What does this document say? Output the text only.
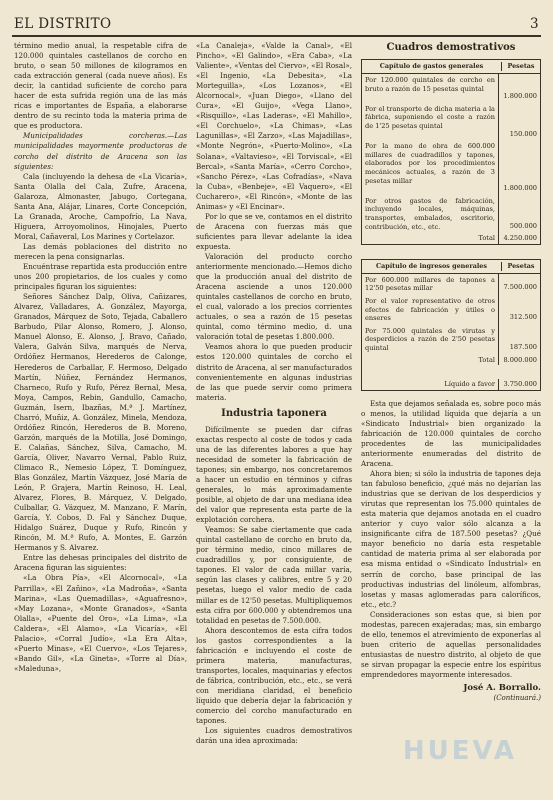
EL DISTRITO	3

término medio anual, la respetable cifra de 120.000 quintales castellanos de corcho en bruto, o sean 50 millones de kilogramos en cada extracción general (cada nueve años). Es decir, la cantidad suficiente de corcho para hacer de esta sufrida región una de las más ricas e importantes de España, a elaborarse dentro de su recinto toda la materia prima de que es productora.

Municipalidades corcheras.—Las municipalidades mayormente productoras de corcho del distrito de Aracena son las siguientes:

Cala (incluyendo la dehesa de «La Vicaría», Santa Olalla del Cala, Zufre, Aracena, Galaroza, Almonaster, Jabugo, Cortegana, Santa Ana, Alájar, Linares, Corte Concepción, La Granada, Aroche, Campofrío, La Nava, Higuera, Arroyomolinos, Hinojales, Puerto Moral, Cañaveral, Los Marines y Cortelazor.

Las demás poblaciones del distrito no merecen la pena consignarlas.

Encuéntrase repartida esta producción entre unos 200 propietarios, de los cuales y como principales figuran los siguientes:

Señores Sánchez Dalp, Oliva, Cañizares, Alvarez, Valladares, A. González, Mayorga, Granados, Márquez de Soto, Tejada, Caballero Barbudo, Pilar Alonso, Romero, J. Alonso, Manuel Alonso, E. Alonso, J. Bravo, Cañado, Valera, Galván Silva, marqués de Nerva, Ordóñez Hermanos, Herederos de Calonge, Herederos de Carballar, F. Hermoso, Delgado Martín, Núñez, Fernández Hermanos, Charneco, Rufo y Rufo, Pérez Bernal, Mesa, Moya, Campos, Rebin, Gandullo, Camacho, Guzmán, Isern, Ibazñas, M.ª J. Martínez, Charró, Muñiz, A. González, Minela, Mendoza, Ordóñez Rincón, Herederos de B. Moreno, Garzón, marqués de la Motilla, José Domingo, E. Calañas, Sánchez, Silva, Camacho, M. García, Oliver, Navarro Vernal, Pablo Ruiz, Climaco R., Nemesio López, T. Domínguez, Blas González, Martín Vázquez, José María de León, P. Grajera, Martín Reinoso, H. Leal, Alvarez, Flores, B. Márquez, V. Delgado, Culballar, G. Vázquez, M. Manzano, F. Marín, García, Y. Cobos, D. Fal y Sánchez Duque, Hidalgo Suárez, Duque y Rufo, Rincón y Rincón, M. M.ª Rufo, A. Montes, E. Garzón Hermanos y S. Alvarez.

Entre las dehesas principales del distrito de Aracena figuran las siguientes:

«La Obra Pía», «El Alcornocal», «La Parrilla», «El Zañino», «La Madroña», «Santa Marina», «Las Quemadillas», «Aguafresno», «May Lozana», «Monte Granados», «Santa Olalla», «Puente del Oro», «La Lima», «La Caldera», «El Alamo», «La Vicaría», «El Palacio», «Corral Judío», «La Era Alta», «Puerto Minas», «El Cuervo», «Los Tejares», «Bando Gil», «La Gineta», «Torre al Día», «Maleduna»,

«La Canaleja», «Valde la Canal», «El Pincho», «El Galindo», «Era Caba», «La Valiente», «Ventas del Ciervo», «El Rosal», «El Ingenio, «La Debesita», «La Morteguilla», «Los Lozanos», «El Alcornocal», «Juan Diego», «Llano del Cura», «El Guijo», «Vega Llano», «Risquillo», «Las Laderas», «El Mahillo», «El Corchuelo», «La Chimas», «Las Lagunillas», «El Zarzo», «Las Majadillas», «Monte Negrón», «Puerto-Molino», «La Solana», «Valtavieso», «El Torviscal», «El Bercal», «Santa María», «Cerro Corcho», «Sancho Pérez», «Las Cofradías», «Nava la Cuba», «Benbeje», «El Vaquero», «El Cucharero», «El Rincón», «Monte de las Animas» y «El Encinar».

Por lo que se ve, contamos en el distrito de Aracena con fuerzas más que suficientes para llevar adelante la idea expuesta.

Valoración del producto corcho anteriormente mencionado.—Hemos dicho que la producción anual del distrito de Aracena asciende a unos 120.000 quintales castellanos de corcho en bruto, el cual, valorado a los precios corrientes actuales, o sea a razón de 15 pesetas quintal, como término medio, d. una valoración total de pesetas 1.800.000.

Veamos ahora lo que pueden producir estos 120.000 quintales de corcho el distrito de Aracena, al ser manufacturados convenientemente en algunas industrias de las que puede servir como primera materia.

Industria taponera

Difícilmente se pueden dar cifras exactas respecto al coste de todos y cada una de las diferentes labores a que hay necesidad de someter la fabricación de tapones; sin embargo, nos concretaremos a hacer un estudio en términos y cifras generales, lo más aproximadamente posible, al objeto de dar una mediana idea del valor que representa esta parte de la explotación corchera.

Veamos: Se sabe ciertamente que cada quintal castellano de corcho en bruto da, por término medio, cinco millares de cuadradillos y, por consiguiente, de tapones. El valor de cada millar varía, según las clases y calibres, entre 5 y 20 pesetas, luego el valor medio de cada millar es de 12'50 pesetas. Multipliquemos esta cifra por 600.000 y obtendremos una totalidad en pesetas de 7.500.000.

Ahora descontemos de esta cifra todos los gastos correspondientes a la fabricación e incluyendo el coste de primera materia, manufacturas, transportes, locales, maquinarias y efectos de fábrica, contribución, etc., etc., se verá con meridiana claridad, el beneficio líquido que debería dejar la fabricación y comercio del corcho manufacturado en tapones.

Los siguientes cuadros demostrativos darán una idea aproximada:

Cuadros demostrativos
Capítulo de gastos generales	Pesetas
Por 120.000 quintales de corcho en bruto a razón de 15 pesetas quintal
1.800.000
Por el transporte de dicha materia a la fábrica, suponiendo el coste a razón de 1'25 pesetas quintal
150.000
Por la mano de obra de 600.000 millares de cuadradillos y tapones, elaborados por los procedimientos mecánicos actuales, a razón de 3 pesetas millar
1.800.000
Por otros gastos de fabricación, incluyendo locales, máquinas, transportes, embalados, escritorio, contribución, etc., etc.	500.000
Total	4.250.000
Capítulo de ingresos generales	Pesetas
Por 600.000 millares de tapones a 12'50 pesetas millar	7.500.000
Por el valor representativo de otros efectos de fabricación y útiles o enseres	312.500
Por 75.000 quintales de virutas y desperdicios a razón de 2'50 pesetas quintal	187.500
Total	8.000.000
Líquido a favor	3.750.000

Esta que dejamos señalada es, sobre poco más o menos, la utilidad líquida que dejaría a un «Sindicato Industrial» bien organizado la fabricación de 120.000 quintales de corcho procedentes de las municipalidades anteriormente enumeradas del distrito de Aracena.

Ahora bien; si sólo la industria de tapones deja tan fabuloso beneficio, ¿qué más no dejarían las industrias que se derivan de los desperdicios y virutas que representan los 75.000 quintales de esta materia que dejamos anotada en el cuadro anterior y cuyo valor sólo alcanza a la insignificante cifra de 187.500 pesetas? ¿Qué mayor beneficio no daría esta respetable cantidad de materia prima al ser elaborada por esa misma entidad o «Sindicato Industrial» en serrín de corcho, base principal de las productivas industrias del linóleum, alfombras, losetas y masas aglomeradas para caloríficos, etc., etc.?

Consideraciones son estas que, si bien por modestas, parecen exajeradas; mas, sin embargo de ello, tenemos el atrevimiento de exponerlas al buen criterio de aquellas personalidades entusiastas de nuestro distrito, al objeto de que se sirvan propagar la especie entre los espíritus emprendedores mayormente interesados.

José A. Borrallo.
(Continuará.)
HUEVA
